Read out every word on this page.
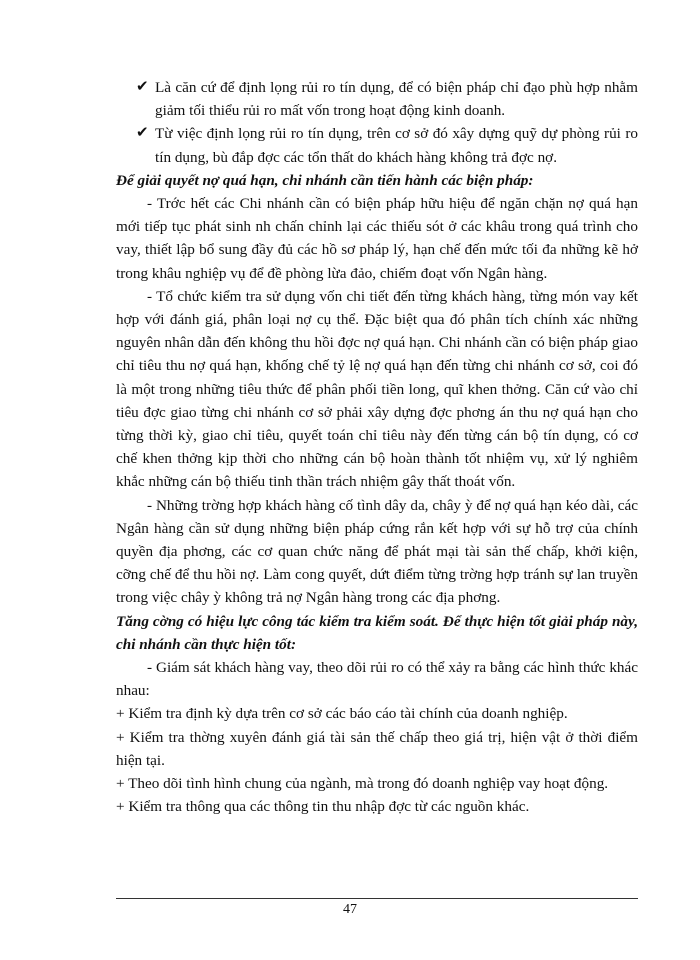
✔ Là căn cứ để định lọng rủi ro tín dụng, để có biện pháp chỉ đạo phù hợp nhằm giảm tối thiểu rủi ro mất vốn trong hoạt động kinh doanh.

✔ Từ việc định lọng rủi ro tín dụng, trên cơ sở đó xây dựng quỹ dự phòng rủi ro tín dụng, bù đắp đợc các tổn thất do khách hàng không trả đợc nợ.

Để giải quyết nợ quá hạn, chi nhánh cần tiến hành các biện pháp:

- Trớc hết các Chi nhánh cần có biện pháp hữu hiệu để ngăn chặn nợ quá hạn mới tiếp tục phát sinh nh chấn chỉnh lại các thiếu sót ở các khâu trong quá trình cho vay, thiết lập bổ sung đầy đủ các hồ sơ pháp lý, hạn chế đến mức tối đa những kẽ hở trong khâu nghiệp vụ để đề phòng lừa đảo, chiếm đoạt vốn Ngân hàng.

- Tổ chức kiểm tra sử dụng vốn chi tiết đến từng khách hàng, từng món vay kết hợp với đánh giá, phân loại nợ cụ thể. Đặc biệt qua đó phân tích chính xác những nguyên nhân dẫn đến không thu hồi đợc nợ quá hạn. Chi nhánh cần có biện pháp giao chỉ tiêu thu nợ quá hạn, khống chế tỷ lệ nợ quá hạn đến từng chi nhánh cơ sở, coi đó là một trong những tiêu thức để phân phối tiền long, quĩ khen thởng. Căn cứ vào chỉ tiêu đợc giao từng chi nhánh cơ sở phải xây dựng đợc phơng án thu nợ quá hạn cho từng thời kỳ, giao chỉ tiêu, quyết toán chỉ tiêu này đến từng cán bộ tín dụng, có cơ chế khen thởng kịp thời cho những cán bộ hoàn thành tốt nhiệm vụ, xử lý nghiêm khắc những cán bộ thiếu tinh thần trách nhiệm gây thất thoát vốn.

- Những trờng hợp khách hàng cố tình dây da, chây ỳ để nợ quá hạn kéo dài, các Ngân hàng cần sử dụng những biện pháp cứng rắn kết hợp với sự hỗ trợ của chính quyền địa phơng, các cơ quan chức năng để phát mại tài sản thế chấp, khởi kiện, cỡng chế để thu hồi nợ. Làm cong quyết, dứt điểm từng trờng hợp tránh sự lan truyền trong việc chây ỳ không trả nợ Ngân hàng trong các địa phơng.

Tăng cờng có hiệu lực công tác kiểm tra kiểm soát. Để thực hiện tốt giải pháp này, chi nhánh cần thực hiện tốt:

- Giám sát khách hàng vay, theo dõi rủi ro có thể xảy ra bằng các hình thức khác nhau:

+ Kiểm tra định kỳ dựa trên cơ sở các báo cáo tài chính của doanh nghiệp.

+ Kiểm tra thờng xuyên đánh giá tài sản thế chấp theo giá trị, hiện vật ở thời điểm hiện tại.

+ Theo dõi tình hình chung của ngành, mà trong đó doanh nghiệp vay hoạt động.

+ Kiểm tra thông qua các thông tin thu nhập đợc từ các nguồn khác.

47
